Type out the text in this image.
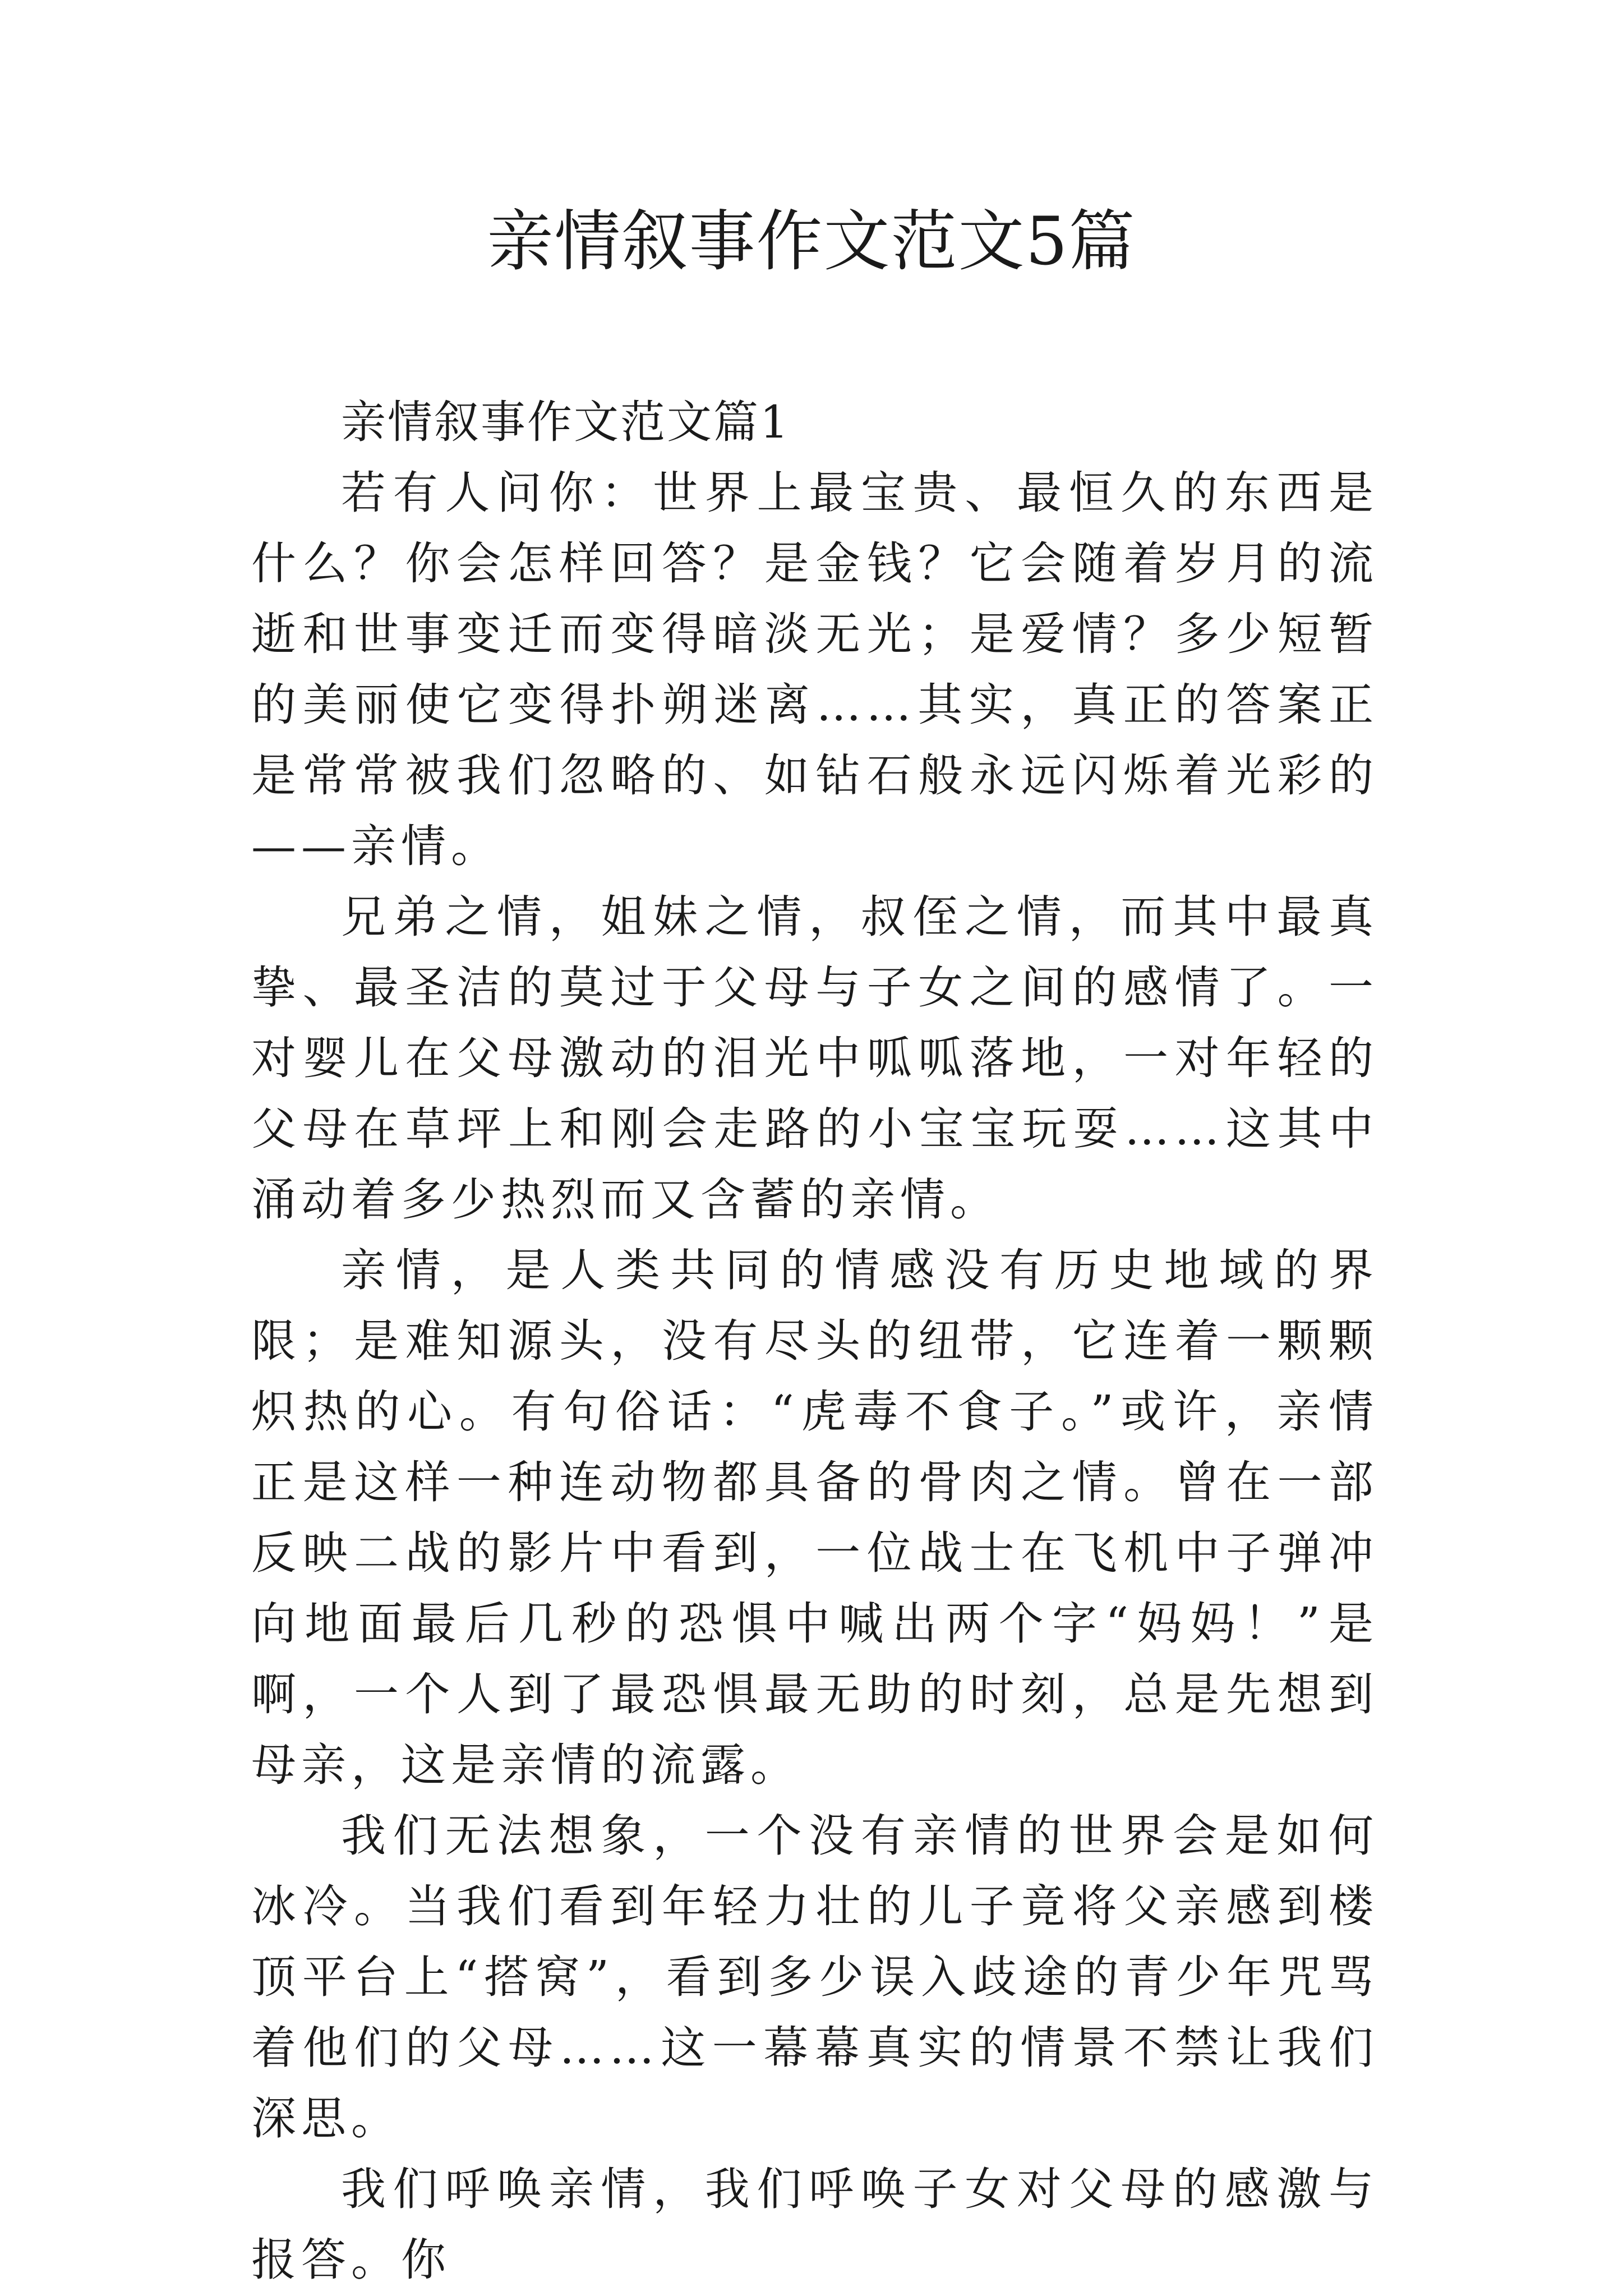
亲情叙事作文范文5篇

亲情叙事作文范文篇1

若有人问你：世界上最宝贵、最恒久的东西是什么？你会怎样回答？是金钱？它会随着岁月的流逝和世事变迁而变得暗淡无光；是爱情？多少短暂的美丽使它变得扑朔迷离……其实，真正的答案正是常常被我们忽略的、如钻石般永远闪烁着光彩的——亲情。

兄弟之情，姐妹之情，叔侄之情，而其中最真挚、最圣洁的莫过于父母与子女之间的感情了。一对婴儿在父母激动的泪光中呱呱落地，一对年轻的父母在草坪上和刚会走路的小宝宝玩耍……这其中涌动着多少热烈而又含蓄的亲情。

亲情，是人类共同的情感没有历史地域的界限；是难知源头，没有尽头的纽带，它连着一颗颗炽热的心。有句俗话：“虎毒不食子。”或许，亲情正是这样一种连动物都具备的骨肉之情。曾在一部反映二战的影片中看到，一位战士在飞机中子弹冲向地面最后几秒的恐惧中喊出两个字“妈妈！”是啊，一个人到了最恐惧最无助的时刻，总是先想到母亲，这是亲情的流露。

我们无法想象，一个没有亲情的世界会是如何冰冷。当我们看到年轻力壮的儿子竟将父亲感到楼顶平台上“搭窝”，看到多少误入歧途的青少年咒骂着他们的父母……这一幕幕真实的情景不禁让我们深思。

我们呼唤亲情，我们呼唤子女对父母的感激与报答。你
